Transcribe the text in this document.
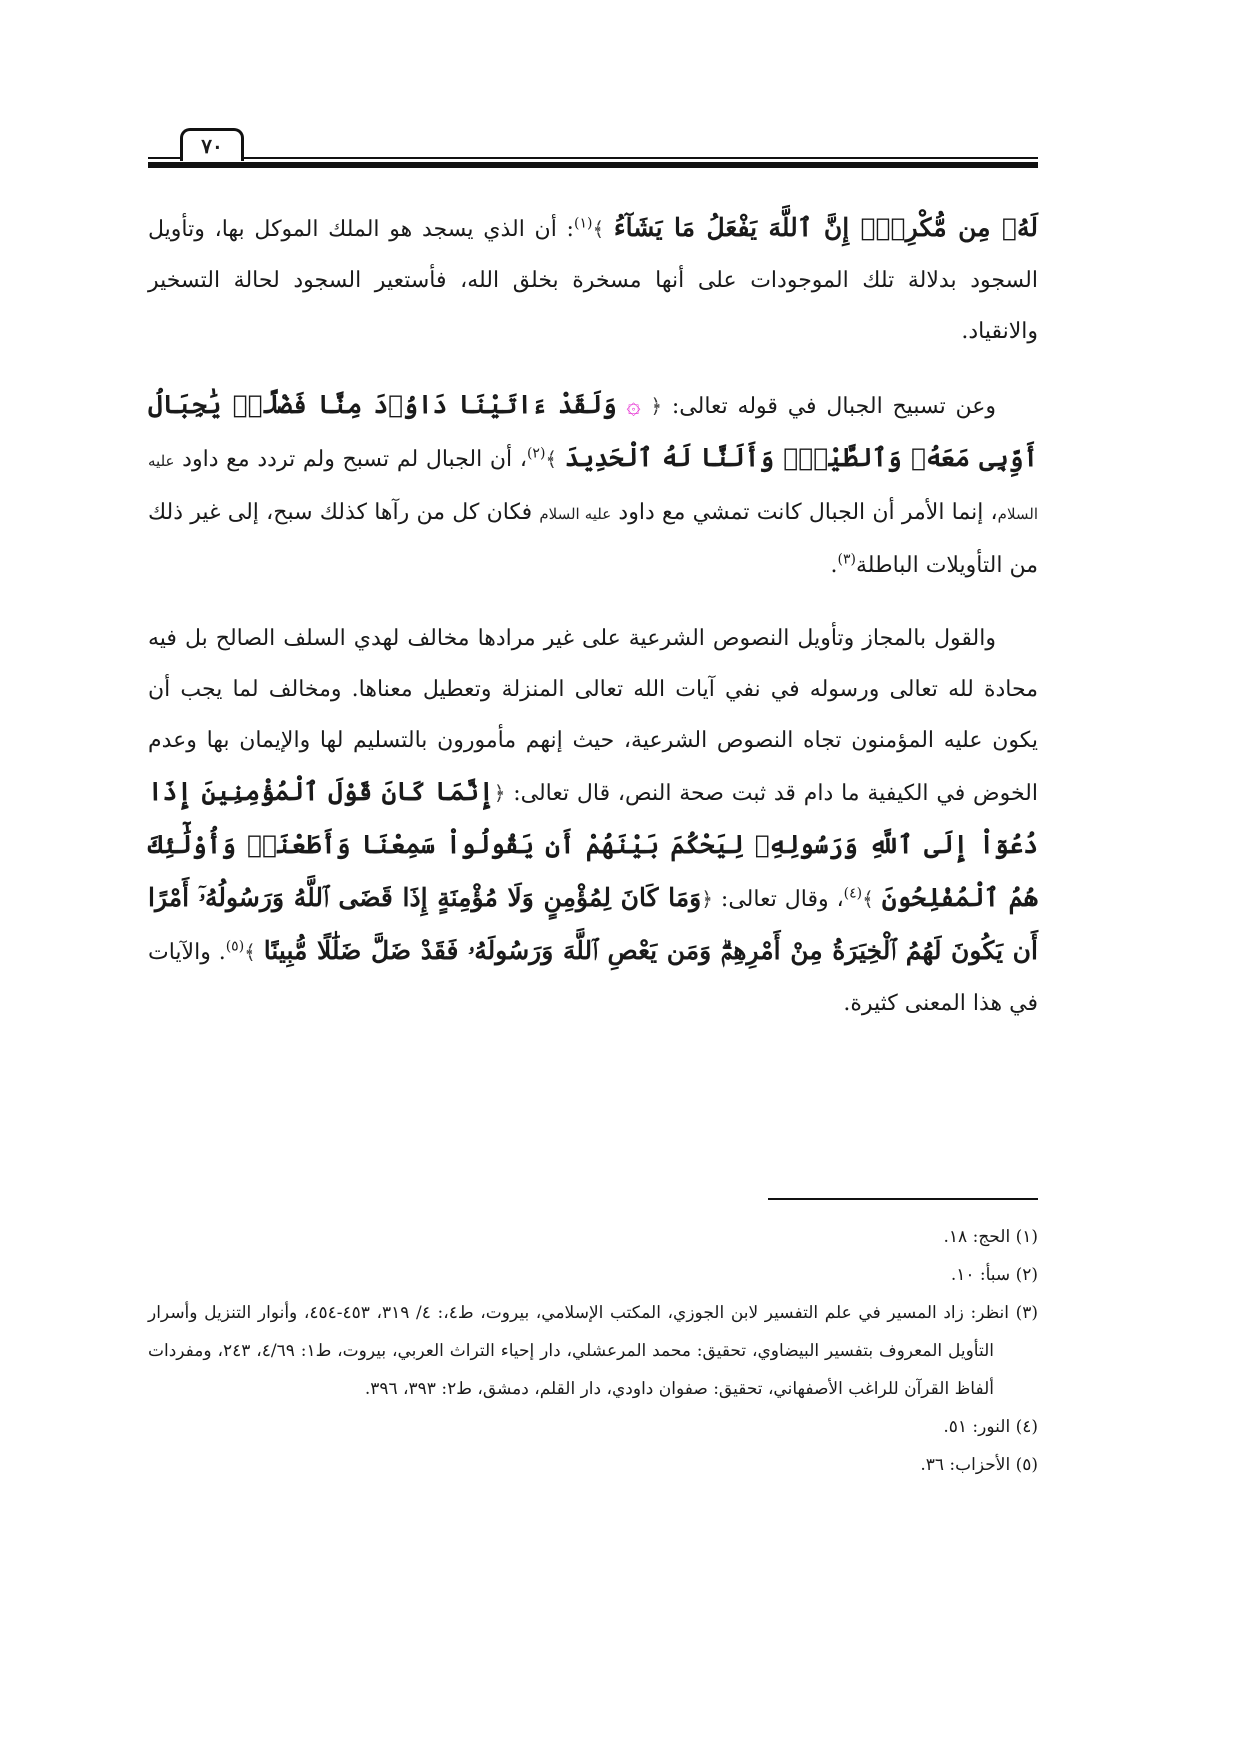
٧٠

لَهُۥ مِن مُّكْرِمٍۚ إِنَّ ٱللَّهَ يَفْعَلُ مَا يَشَآءُ ﴾$^{(١)}$: أن الذي يسجد هو الملك الموكل بها، وتأويل السجود بدلالة تلك الموجودات على أنها مسخرة بخلق الله، فأستعير السجود لحالة التسخير والانقياد.

وعن تسبيح الجبال في قوله تعالى: ﴿ ۞ وَلَقَدْ ءَاتَيْنَا دَاوُۥدَ مِنَّا فَضْلًاۖ يَٰجِبَالُ أَوِّبِى مَعَهُۥ وَٱلطَّيْرَۖ وَأَلَنَّا لَهُ ٱلْحَدِيدَ ﴾$^{(٢)}$، أن الجبال لم تسبح ولم تردد مع داود عليه السلام، إنما الأمر أن الجبال كانت تمشي مع داود عليه السلام فكان كل من رآها كذلك سبح، إلى غير ذلك من التأويلات الباطلة$^{(٣)}$.

والقول بالمجاز وتأويل النصوص الشرعية على غير مرادها مخالف لهدي السلف الصالح بل فيه محادة لله تعالى ورسوله في نفي آيات الله تعالى المنزلة وتعطيل معناها. ومخالف لما يجب أن يكون عليه المؤمنون تجاه النصوص الشرعية، حيث إنهم مأمورون بالتسليم لها والإيمان بها وعدم الخوض في الكيفية ما دام قد ثبت صحة النص، قال تعالى: ﴿إِنَّمَا كَانَ قَوْلَ ٱلْمُؤْمِنِينَ إِذَا دُعُوٓاْ إِلَى ٱللَّهِ وَرَسُولِهِۦ لِيَحْكُمَ بَيْنَهُمْ أَن يَقُولُواْ سَمِعْنَا وَأَطَعْنَاۚ وَأُوْلَٰٓئِكَ هُمُ ٱلْمُفْلِحُونَ ﴾$^{(٤)}$، وقال تعالى: ﴿وَمَا كَانَ لِمُؤْمِنٍ وَلَا مُؤْمِنَةٍ إِذَا قَضَى ٱللَّهُ وَرَسُولُهُۥٓ أَمْرًا أَن يَكُونَ لَهُمُ ٱلْخِيَرَةُ مِنْ أَمْرِهِمْۗ وَمَن يَعْصِ ٱللَّهَ وَرَسُولَهُۥ فَقَدْ ضَلَّ ضَلَٰلًا مُّبِينًا ﴾$^{(٥)}$. والآيات في هذا المعنى كثيرة.

(١) الحج: ١٨.

(٢) سبأ: ١٠.

(٣) انظر: زاد المسير في علم التفسير لابن الجوزي، المكتب الإسلامي، بيروت، ط٤،: ٤/ ٣١٩، ٤٥٣-٤٥٤، وأنوار التنزيل وأسرار التأويل المعروف بتفسير البيضاوي، تحقيق: محمد المرعشلي، دار إحياء التراث العربي، بيروت، ط١: ٤/٦٩، ٢٤٣، ومفردات ألفاظ القرآن للراغب الأصفهاني، تحقيق: صفوان داودي، دار القلم، دمشق، ط٢: ٣٩٣، ٣٩٦.

(٤) النور: ٥١.

(٥) الأحزاب: ٣٦.
